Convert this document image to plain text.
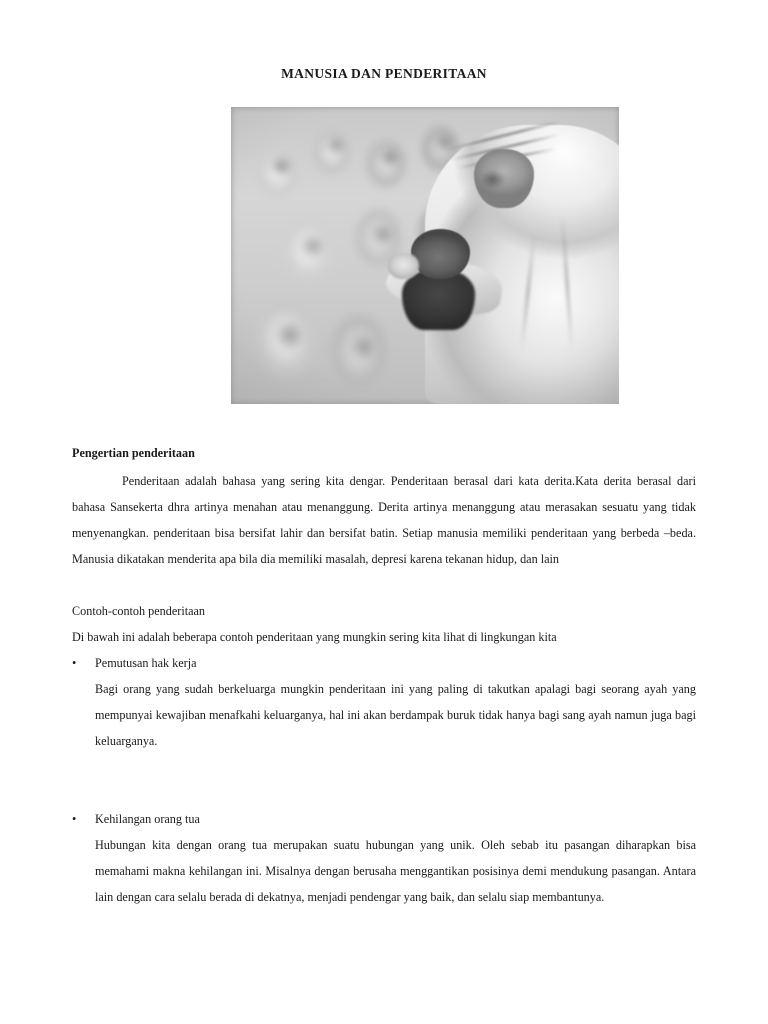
MANUSIA DAN PENDERITAAN
Pengertian penderitaan

Penderitaan adalah bahasa yang sering kita dengar. Penderitaan berasal dari kata derita.Kata derita berasal dari bahasa Sansekerta dhra artinya menahan atau menanggung. Derita artinya menanggung atau merasakan sesuatu yang tidak menyenangkan. penderitaan bisa bersifat lahir dan bersifat batin. Setiap manusia memiliki penderitaan yang berbeda –beda. Manusia dikatakan menderita apa bila dia memiliki masalah, depresi karena tekanan hidup, dan lain

Contoh-contoh penderitaan
Di bawah ini adalah beberapa contoh penderitaan yang mungkin sering kita lihat di lingkungan kita
•	Pemutusan hak kerja

Bagi orang yang sudah berkeluarga mungkin penderitaan ini yang paling di takutkan apalagi bagi seorang ayah yang mempunyai kewajiban menafkahi keluarganya, hal ini akan berdampak buruk tidak hanya bagi sang ayah namun juga bagi keluarganya.

•	Kehilangan orang tua

Hubungan kita dengan orang tua merupakan suatu hubungan yang unik. Oleh sebab itu pasangan diharapkan bisa memahami makna kehilangan ini. Misalnya dengan berusaha menggantikan posisinya demi mendukung pasangan. Antara lain dengan cara selalu berada di dekatnya, menjadi pendengar yang baik, dan selalu siap membantunya.
